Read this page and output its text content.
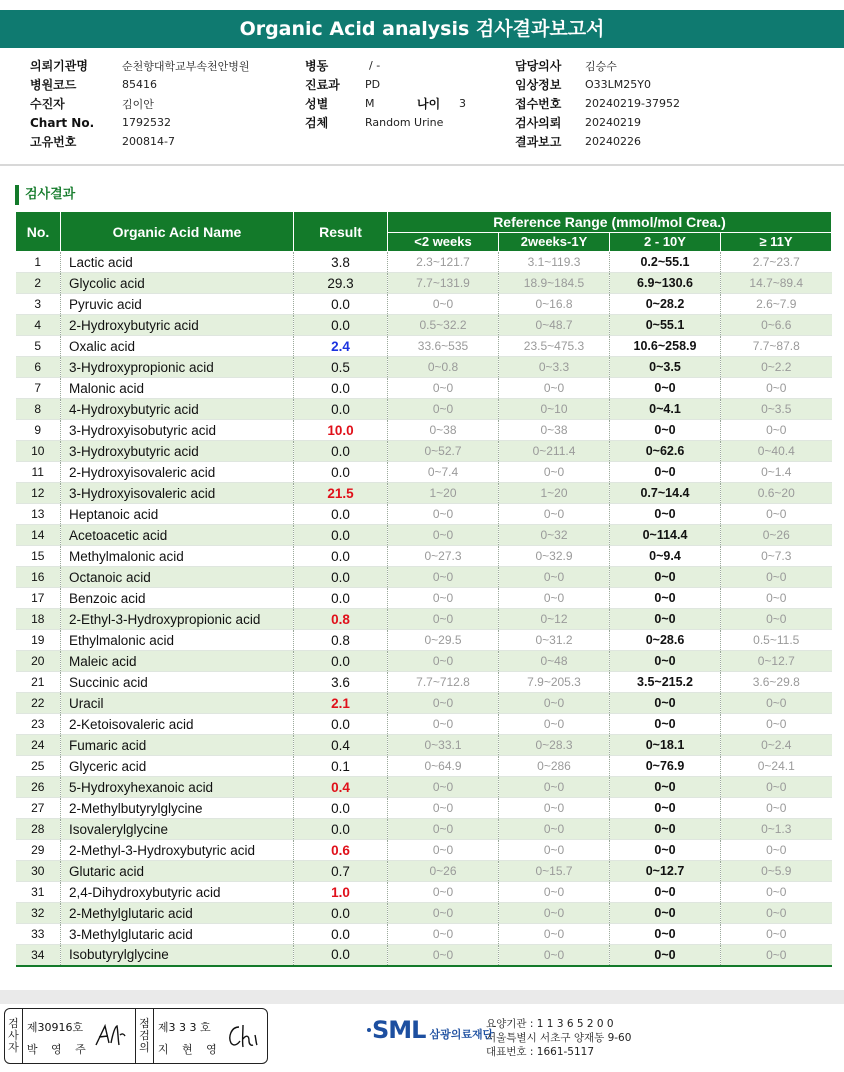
Organic Acid analysis 검사결과보고서
의뢰기관명	순천향대학교부속천안병원
병원코드	85416
수진자	김이안
Chart No.	1792532
고유번호	200814-7
병동	/ -
진료과	PD
성별	M	나이	3
검체	Random Urine
담당의사	김승수
임상정보	O33LM25Y0
접수번호	20240219-37952
검사의뢰	20240219
결과보고	20240226
검사결과
No.	Organic Acid Name	Result	Reference Range (mmol/mol Crea.)			
			<2 weeks	2weeks-1Y	2 - 10Y	≥ 11Y
1	Lactic acid	3.8	2.3~121.7	3.1~119.3	0.2~55.1	2.7~23.7
2	Glycolic acid	29.3	7.7~131.9	18.9~184.5	6.9~130.6	14.7~89.4
3	Pyruvic acid	0.0	0~0	0~16.8	0~28.2	2.6~7.9
4	2-Hydroxybutyric acid	0.0	0.5~32.2	0~48.7	0~55.1	0~6.6
5	Oxalic acid	2.4	33.6~535	23.5~475.3	10.6~258.9	7.7~87.8
6	3-Hydroxypropionic acid	0.5	0~0.8	0~3.3	0~3.5	0~2.2
7	Malonic acid	0.0	0~0	0~0	0~0	0~0
8	4-Hydroxybutyric acid	0.0	0~0	0~10	0~4.1	0~3.5
9	3-Hydroxyisobutyric acid	10.0	0~38	0~38	0~0	0~0
10	3-Hydroxybutyric acid	0.0	0~52.7	0~211.4	0~62.6	0~40.4
11	2-Hydroxyisovaleric acid	0.0	0~7.4	0~0	0~0	0~1.4
12	3-Hydroxyisovaleric acid	21.5	1~20	1~20	0.7~14.4	0.6~20
13	Heptanoic acid	0.0	0~0	0~0	0~0	0~0
14	Acetoacetic acid	0.0	0~0	0~32	0~114.4	0~26
15	Methylmalonic acid	0.0	0~27.3	0~32.9	0~9.4	0~7.3
16	Octanoic acid	0.0	0~0	0~0	0~0	0~0
17	Benzoic acid	0.0	0~0	0~0	0~0	0~0
18	2-Ethyl-3-Hydroxypropionic acid	0.8	0~0	0~12	0~0	0~0
19	Ethylmalonic acid	0.8	0~29.5	0~31.2	0~28.6	0.5~11.5
20	Maleic acid	0.0	0~0	0~48	0~0	0~12.7
21	Succinic acid	3.6	7.7~712.8	7.9~205.3	3.5~215.2	3.6~29.8
22	Uracil	2.1	0~0	0~0	0~0	0~0
23	2-Ketoisovaleric acid	0.0	0~0	0~0	0~0	0~0
24	Fumaric acid	0.4	0~33.1	0~28.3	0~18.1	0~2.4
25	Glyceric acid	0.1	0~64.9	0~286	0~76.9	0~24.1
26	5-Hydroxyhexanoic acid	0.4	0~0	0~0	0~0	0~0
27	2-Methylbutyrylglycine	0.0	0~0	0~0	0~0	0~0
28	Isovalerylglycine	0.0	0~0	0~0	0~0	0~1.3
29	2-Methyl-3-Hydroxybutyric acid	0.6	0~0	0~0	0~0	0~0
30	Glutaric acid	0.7	0~26	0~15.7	0~12.7	0~5.9
31	2,4-Dihydroxybutyric acid	1.0	0~0	0~0	0~0	0~0
32	2-Methylglutaric acid	0.0	0~0	0~0	0~0	0~0
33	3-Methylglutaric acid	0.0	0~0	0~0	0~0	0~0
34	Isobutyrylglycine	0.0	0~0	0~0	0~0	0~0
검
사
자
제30916호
박 영 주
점
검
의
제3 3 3 호
지 현 영
SML 삼광의료재단
요양기관 : 1 1 3 6 5 2 0 0
서울특별시 서초구 양재동 9-60
대표번호 : 1661-5117
